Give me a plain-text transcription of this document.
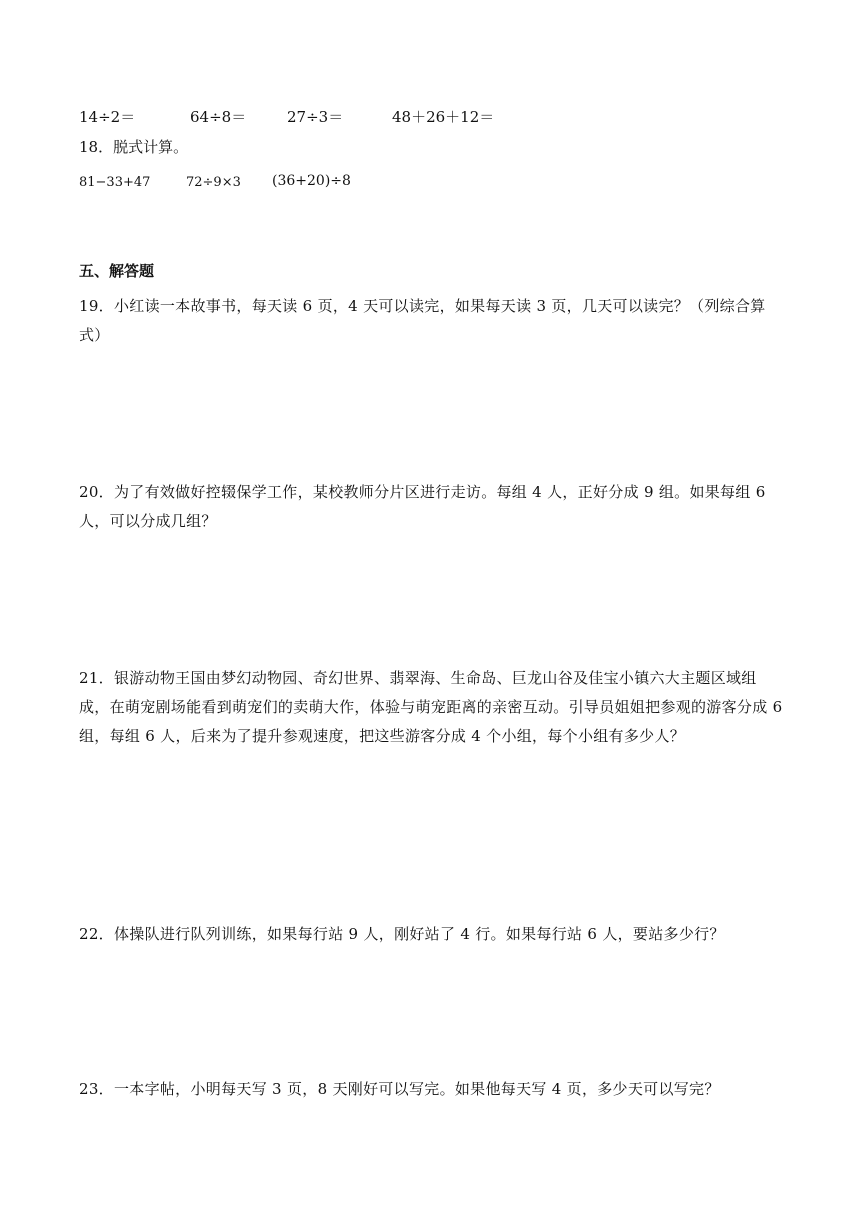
14÷2＝	64÷8＝	27÷3＝	48＋26＋12＝
18．脱式计算。
81−33+47	72÷9×3 (36+20)÷8
五、解答题
19．小红读一本故事书，每天读 6 页，4 天可以读完，如果每天读 3 页，几天可以读完？（列综合算式）
20．为了有效做好控辍保学工作，某校教师分片区进行走访。每组 4 人，正好分成 9 组。如果每组 6 人，可以分成几组？
21．银游动物王国由梦幻动物园、奇幻世界、翡翠海、生命岛、巨龙山谷及佳宝小镇六大主题区域组成，在萌宠剧场能看到萌宠们的卖萌大作，体验与萌宠距离的亲密互动。引导员姐姐把参观的游客分成 6 组，每组 6 人，后来为了提升参观速度，把这些游客分成 4 个小组，每个小组有多少人？
22．体操队进行队列训练，如果每行站 9 人，刚好站了 4 行。如果每行站 6 人，要站多少行？
23．一本字帖，小明每天写 3 页，8 天刚好可以写完。如果他每天写 4 页，多少天可以写完？
